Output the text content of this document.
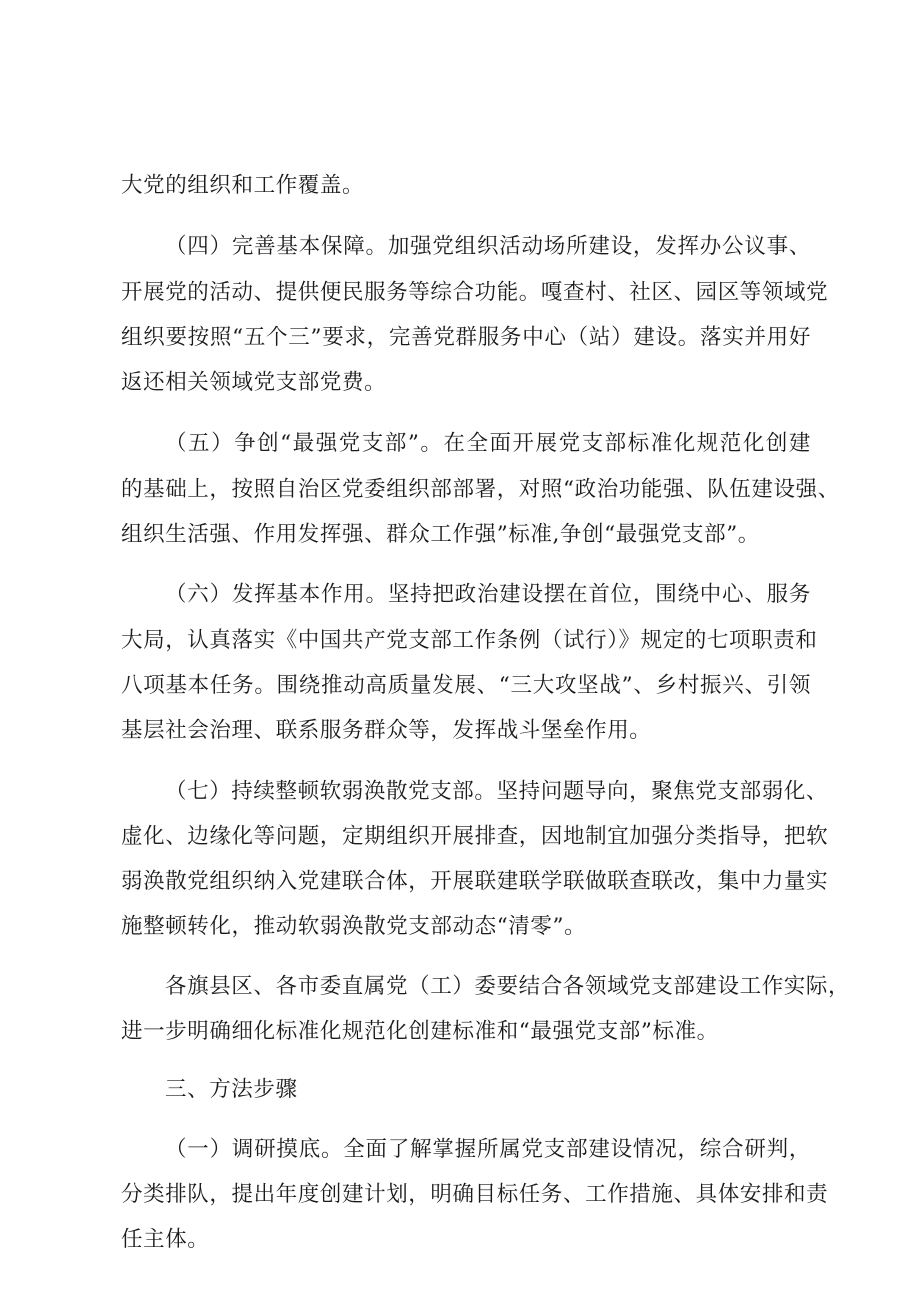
大党的组织和工作覆盖。
（四）完善基本保障。加强党组织活动场所建设，发挥办公议事、
开展党的活动、提供便民服务等综合功能。嘎查村、社区、园区等领域党
组织要按照“五个三”要求，完善党群服务中心（站）建设。落实并用好
返还相关领域党支部党费。
（五）争创“最强党支部”。在全面开展党支部标准化规范化创建
的基础上，按照自治区党委组织部部署，对照“政治功能强、队伍建设强、
组织生活强、作用发挥强、群众工作强”标准,争创“最强党支部”。
（六）发挥基本作用。坚持把政治建设摆在首位，围绕中心、服务
大局，认真落实《中国共产党支部工作条例（试行）》规定的七项职责和
八项基本任务。围绕推动高质量发展、“三大攻坚战”、乡村振兴、引领
基层社会治理、联系服务群众等，发挥战斗堡垒作用。
（七）持续整顿软弱涣散党支部。坚持问题导向，聚焦党支部弱化、
虚化、边缘化等问题，定期组织开展排查，因地制宜加强分类指导，把软
弱涣散党组织纳入党建联合体，开展联建联学联做联查联改，集中力量实
施整顿转化，推动软弱涣散党支部动态“清零”。
各旗县区、各市委直属党（工）委要结合各领域党支部建设工作实际，
进一步明确细化标准化规范化创建标准和“最强党支部”标准。
三、方法步骤
（一）调研摸底。全面了解掌握所属党支部建设情况，综合研判，
分类排队，提出年度创建计划，明确目标任务、工作措施、具体安排和责
任主体。
